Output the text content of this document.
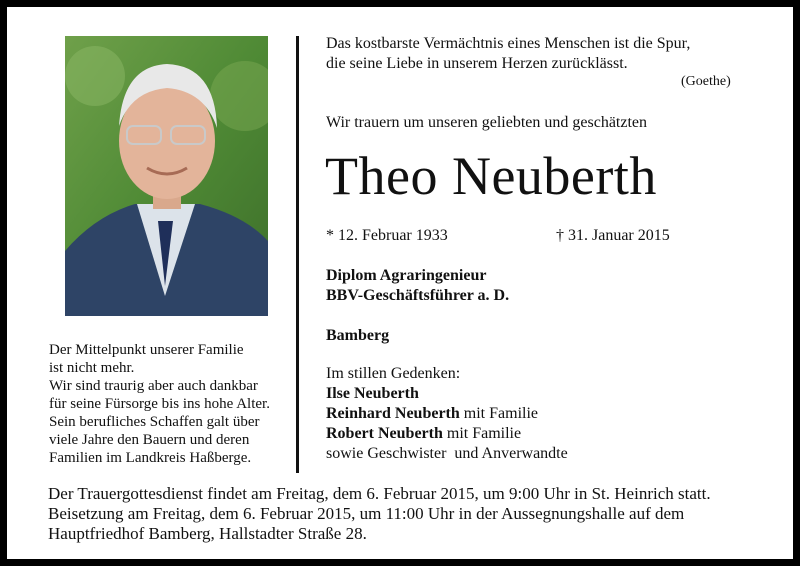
Der Mittelpunkt unserer Familie
ist nicht mehr.
Wir sind traurig aber auch dankbar
für seine Fürsorge bis ins hohe Alter.
Sein berufliches Schaffen galt über
viele Jahre den Bauern und deren
Familien im Landkreis Haßberge.
Das kostbarste Vermächtnis eines Menschen ist die Spur,
die seine Liebe in unserem Herzen zurücklässt.
(Goethe)
Wir trauern um unseren geliebten und geschätzten
Theo Neuberth
* 12. Februar 1933	† 31. Januar 2015
Diplom Agraringenieur
BBV-Geschäftsführer a. D.
Bamberg
Im stillen Gedenken:
Ilse Neuberth
Reinhard Neuberth mit Familie
Robert Neuberth mit Familie
sowie Geschwister  und Anverwandte
Der Trauergottesdienst findet am Freitag, dem 6. Februar 2015, um 9:00 Uhr in St. Heinrich statt.
Beisetzung am Freitag, dem 6. Februar 2015, um 11:00 Uhr in der Aussegnungshalle auf dem
Hauptfriedhof Bamberg, Hallstadter Straße 28.
